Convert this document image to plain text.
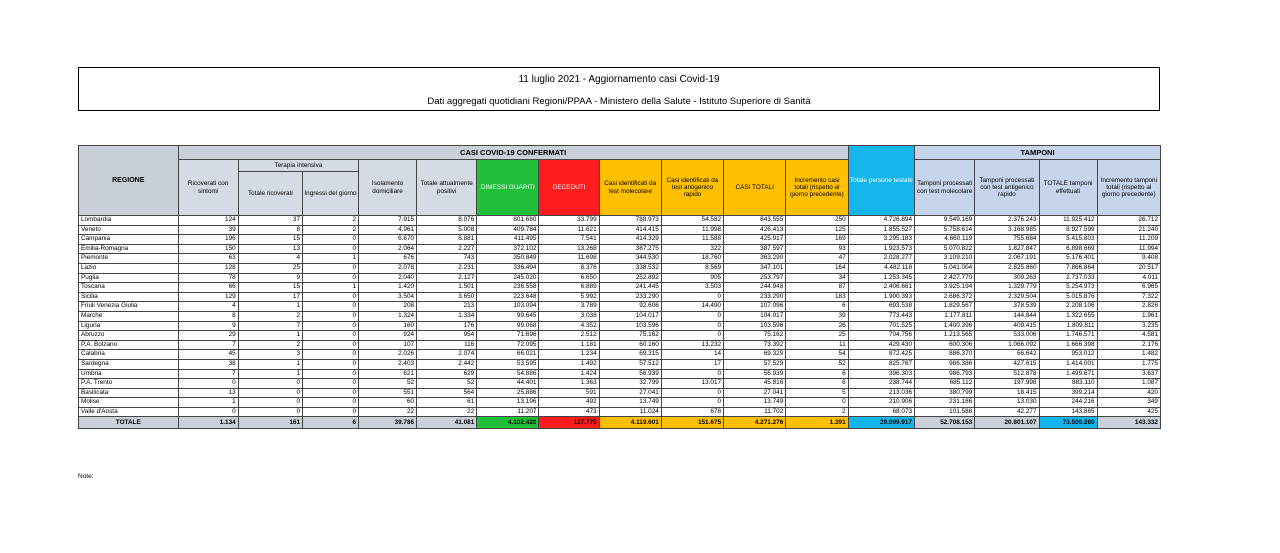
11 luglio 2021 - Aggiornamento casi Covid-19
Dati aggregati quotidiani Regioni/PPAA - Ministero della Salute - Istituto Superiore di Sanità
REGIONE	CASI COVID-19 CONFERMATI											Totale persone testate	TAMPONI			
	Ricoverati con sintomi	Terapia intensiva		Isolamento domiciliare	Totale attualmente positivi	DIMESSI GUARITI	DECEDUTI	Casi identificati da test molecolare	Casi identificati da test antigenico rapido	CASI TOTALI	Incremento casi totali (rispetto al giorno precedente)		Tamponi processati con test molecolare	Tamponi processati con test antigenico rapido	TOTALE tamponi effettuati	Incremento tamponi totali (rispetto al giorno precedente)
		Totale ricoverati	Ingressi del giorno													
Lombardia	124	37	2	7.915	8.076	801.680	33.799	788.973	54.582	843.555	250	4.726.894	9.549.169	2.376.243	11.925.412	26.712
Veneto	39	8	2	4.961	5.008	409.784	11.621	414.415	11.998	426.413	125	1.855.527	5.758.614	3.168.985	8.927.599	21.240
Campania	196	15	0	6.670	6.881	411.495	7.541	414.329	11.588	425.917	169	3.295.183	4.660.119	755.684	5.415.803	11.209
Emilia-Romagna	150	13	0	2.064	2.227	372.102	13.268	387.275	322	387.597	93	1.923.573	5.070.822	1.827.847	6.898.669	11.994
Piemonte	63	4	1	676	743	350.849	11.698	344.530	18.760	363.290	47	2.028.277	3.109.210	2.067.191	5.176.401	9.408
Lazio	128	25	0	2.078	2.231	336.494	8.376	338.532	8.569	347.101	164	4.482.118	5.041.004	2.825.860	7.866.864	20.517
Puglia	78	9	0	2.040	2.127	245.020	6.650	252.892	905	253.797	34	1.253.345	2.427.770	309.263	2.737.033	4.011
Toscana	66	15	1	1.420	1.501	236.558	6.889	241.445	3.503	244.948	87	2.406.661	3.925.194	1.329.779	5.254.973	6.965
Sicilia	129	17	0	3.504	3.650	223.648	5.992	233.290	0	233.290	183	1.900.393	2.686.372	2.329.504	5.015.876	7.322
Friuli Venezia Giulia	4	1	0	208	213	103.094	3.789	92.606	14.490	107.096	6	693.538	1.829.567	378.539	2.208.106	2.826
Marche	8	2	0	1.324	1.334	99.645	3.038	104.017	0	104.017	39	773.443	1.177.811	144.844	1.322.655	1.961
Liguria	9	7	0	160	176	99.068	4.352	103.596	0	103.596	26	701.525	1.400.396	409.415	1.809.811	3.235
Abruzzo	29	1	0	924	954	71.696	2.512	75.162	0	75.162	25	704.756	1.213.565	533.006	1.746.571	4.581
P.A. Bolzano	7	2	0	107	116	72.095	1.181	60.160	13.232	73.392	11	429.430	600.306	1.066.092	1.666.398	2.176
Calabria	45	3	0	2.026	2.074	66.021	1.234	69.315	14	69.329	54	872.425	886.370	66.642	953.012	1.482
Sardegna	38	1	0	2.403	2.442	53.595	1.492	57.512	17	57.529	52	825.767	986.386	427.615	1.414.001	1.775
Umbria	7	1	0	621	629	54.886	1.424	56.939	0	56.939	6	396.303	986.793	512.878	1.499.671	3.637
P.A. Trento	0	0	0	52	52	44.401	1.363	32.799	13.017	45.816	6	238.744	685.112	197.998	883.110	1.087
Basilicata	13	0	0	551	564	25.886	591	27.041	0	27.041	5	213.036	380.799	18.415	399.214	420
Molise	1	0	0	60	61	13.196	492	13.749	0	13.749	0	210.906	231.186	13.030	244.216	349
Valle d'Aosta	0	0	0	22	22	11.207	473	11.024	678	11.702	2	68.073	101.588	42.277	143.865	425
TOTALE	1.134	161	6	39.786	41.081	4.102.420	127.775	4.119.601	151.675	4.271.276	1.391	29.999.917	52.708.153	20.801.107	73.509.260	143.332
Note:
